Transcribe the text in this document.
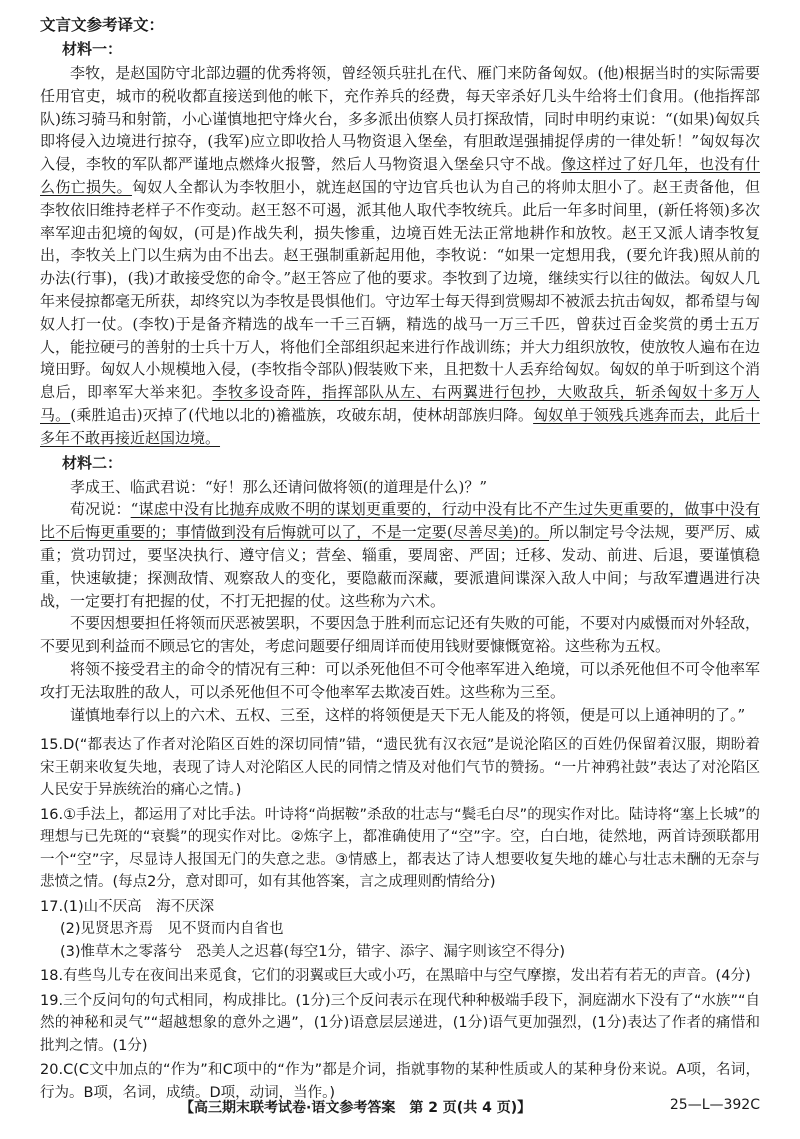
文言文参考译文：
材料一：

李牧，是赵国防守北部边疆的优秀将领，曾经领兵驻扎在代、雁门来防备匈奴。(他)根据当时的实际需要任用官吏，城市的税收都直接送到他的帐下，充作养兵的经费，每天宰杀好几头牛给将士们食用。(他指挥部队)练习骑马和射箭，小心谨慎地把守烽火台，多多派出侦察人员打探敌情，同时申明约束说：“(如果)匈奴兵即将侵入边境进行掠夺，(我军)应立即收拾人马物资退入堡垒，有胆敢逞强捕捉俘虏的一律处斩！”匈奴每次入侵，李牧的军队都严谨地点燃烽火报警，然后人马物资退入堡垒只守不战。像这样过了好几年，也没有什么伤亡损失。匈奴人全都认为李牧胆小，就连赵国的守边官兵也认为自己的将帅太胆小了。赵王责备他，但李牧依旧维持老样子不作变动。赵王怒不可遏，派其他人取代李牧统兵。此后一年多时间里，(新任将领)多次率军迎击犯境的匈奴，(可是)作战失利，损失惨重，边境百姓无法正常地耕作和放牧。赵王又派人请李牧复出，李牧关上门以生病为由不出去。赵王强制重新起用他，李牧说：“如果一定想用我，(要允许我)照从前的办法(行事)，(我)才敢接受您的命令。”赵王答应了他的要求。李牧到了边境，继续实行以往的做法。匈奴人几年来侵掠都毫无所获，却终究以为李牧是畏惧他们。守边军士每天得到赏赐却不被派去抗击匈奴，都希望与匈奴人打一仗。(李牧)于是备齐精选的战车一千三百辆，精选的战马一万三千匹，曾获过百金奖赏的勇士五万人，能拉硬弓的善射的士兵十万人，将他们全部组织起来进行作战训练；并大力组织放牧，使放牧人遍布在边境田野。匈奴人小规模地入侵，(李牧指令部队)假装败下来，且把数十人丢弃给匈奴。匈奴的单于听到这个消息后，即率军大举来犯。李牧多设奇阵，指挥部队从左、右两翼进行包抄，大败敌兵，斩杀匈奴十多万人马。(乘胜追击)灭掉了(代地以北的)襜褴族，攻破东胡，使林胡部族归降。匈奴单于领残兵逃奔而去，此后十多年不敢再接近赵国边境。

材料二：

孝成王、临武君说：“好！那么还请问做将领(的道理是什么)？”

荀况说：“谋虑中没有比抛弃成败不明的谋划更重要的，行动中没有比不产生过失更重要的，做事中没有比不后悔更重要的；事情做到没有后悔就可以了，不是一定要(尽善尽美)的。所以制定号令法规，要严厉、威重；赏功罚过，要坚决执行、遵守信义；营垒、辎重，要周密、严固；迁移、发动、前进、后退，要谨慎稳重，快速敏捷；探测敌情、观察敌人的变化，要隐蔽而深藏，要派遣间谍深入敌人中间；与敌军遭遇进行决战，一定要打有把握的仗，不打无把握的仗。这些称为六术。

不要因想要担任将领而厌恶被罢职，不要因急于胜利而忘记还有失败的可能，不要对内威慑而对外轻敌，不要见到利益而不顾忌它的害处，考虑问题要仔细周详而使用钱财要慷慨宽裕。这些称为五权。

将领不接受君主的命令的情况有三种：可以杀死他但不可令他率军进入绝境，可以杀死他但不可令他率军攻打无法取胜的敌人，可以杀死他但不可令他率军去欺凌百姓。这些称为三至。

谨慎地奉行以上的六术、五权、三至，这样的将领便是天下无人能及的将领，便是可以上通神明的了。”

15.D(“都表达了作者对沦陷区百姓的深切同情”错，“遗民犹有汉衣冠”是说沦陷区的百姓仍保留着汉服，期盼着宋王朝来收复失地，表现了诗人对沦陷区人民的同情之情及对他们气节的赞扬。“一片神鸦社鼓”表达了对沦陷区人民安于异族统治的痛心之情。)
16.①手法上，都运用了对比手法。叶诗将“尚据鞍”杀敌的壮志与“鬓毛白尽”的现实作对比。陆诗将“塞上长城”的理想与已先斑的“衰鬓”的现实作对比。②炼字上，都准确使用了“空”字。空，白白地，徒然地，两首诗颈联都用一个“空”字，尽显诗人报国无门的失意之悲。③情感上，都表达了诗人想要收复失地的雄心与壮志未酬的无奈与悲愤之情。(每点2分，意对即可，如有其他答案，言之成理则酌情给分)
17.(1)山不厌高　海不厌深
(2)见贤思齐焉　见不贤而内自省也
(3)惟草木之零落兮　恐美人之迟暮(每空1分，错字、添字、漏字则该空不得分)
18.有些鸟儿专在夜间出来觅食，它们的羽翼或巨大或小巧，在黑暗中与空气摩擦，发出若有若无的声音。(4分)
19.三个反问句的句式相同，构成排比。(1分)三个反问表示在现代种种极端手段下，洞庭湖水下没有了“水族”“自然的神秘和灵气”“超越想象的意外之遇”，(1分)语意层层递进，(1分)语气更加强烈，(1分)表达了作者的痛惜和批判之情。(1分)
20.C(C文中加点的“作为”和C项中的“作为”都是介词，指就事物的某种性质或人的某种身份来说。A项，名词，行为。B项，名词，成绩。D项，动词，当作。)
【高三期末联考试卷·语文参考答案　第 2 页(共 4 页)】	25—L—392C
